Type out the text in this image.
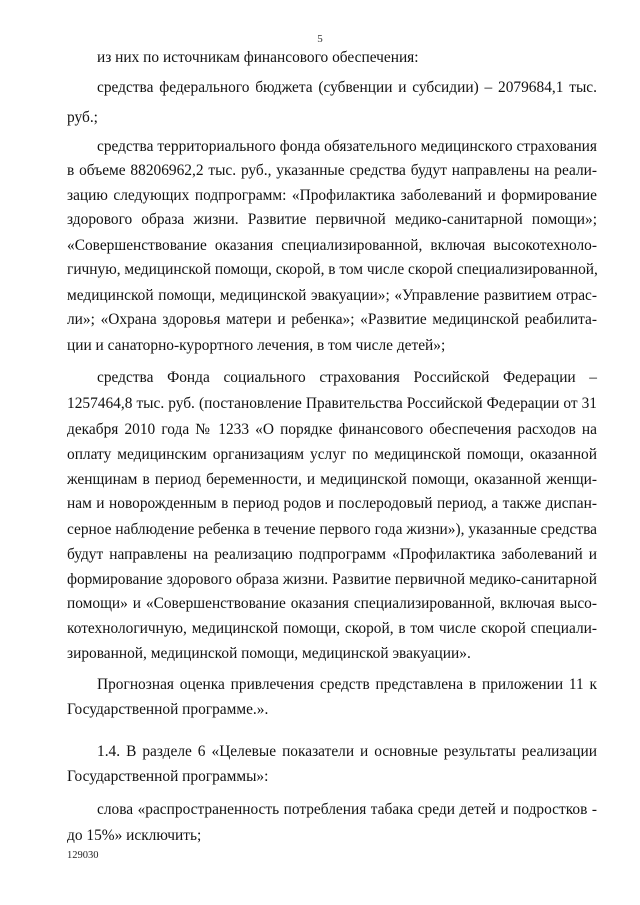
5
из них по источникам финансового обеспечения:
средства федерального бюджета (субвенции и субсидии) – 2079684,1 тыс.
руб.;
средства территориального фонда обязательного медицинского страхования
в объеме 88206962,2 тыс. руб., указанные средства будут направлены на реали-
зацию следующих подпрограмм: «Профилактика заболеваний и формирование
здорового образа жизни. Развитие первичной медико-санитарной помощи»;
«Совершенствование оказания специализированной, включая высокотехноло-
гичную, медицинской помощи, скорой, в том числе скорой специализированной,
медицинской помощи, медицинской эвакуации»; «Управление развитием отрас-
ли»; «Охрана здоровья матери и ребенка»; «Развитие медицинской реабилита-
ции и санаторно-курортного лечения, в том числе детей»;
средства Фонда социального страхования Российской Федерации –
1257464,8 тыс. руб. (постановление Правительства Российской Федерации от 31
декабря 2010 года № 1233 «О порядке финансового обеспечения расходов на
оплату медицинским организациям услуг по медицинской помощи, оказанной
женщинам в период беременности, и медицинской помощи, оказанной женщи-
нам и новорожденным в период родов и послеродовый период, а также диспан-
серное наблюдение ребенка в течение первого года жизни»), указанные средства
будут направлены на реализацию подпрограмм «Профилактика заболеваний и
формирование здорового образа жизни. Развитие первичной медико-санитарной
помощи» и «Совершенствование оказания специализированной, включая высо-
котехнологичную, медицинской помощи, скорой, в том числе скорой специали-
зированной, медицинской помощи, медицинской эвакуации».
Прогнозная оценка привлечения средств представлена в приложении 11 к
Государственной программе.».
1.4. В разделе 6 «Целевые показатели и основные результаты реализации
Государственной программы»:
слова «распространенность потребления табака среди детей и подростков -
до 15%» исключить;
129030
